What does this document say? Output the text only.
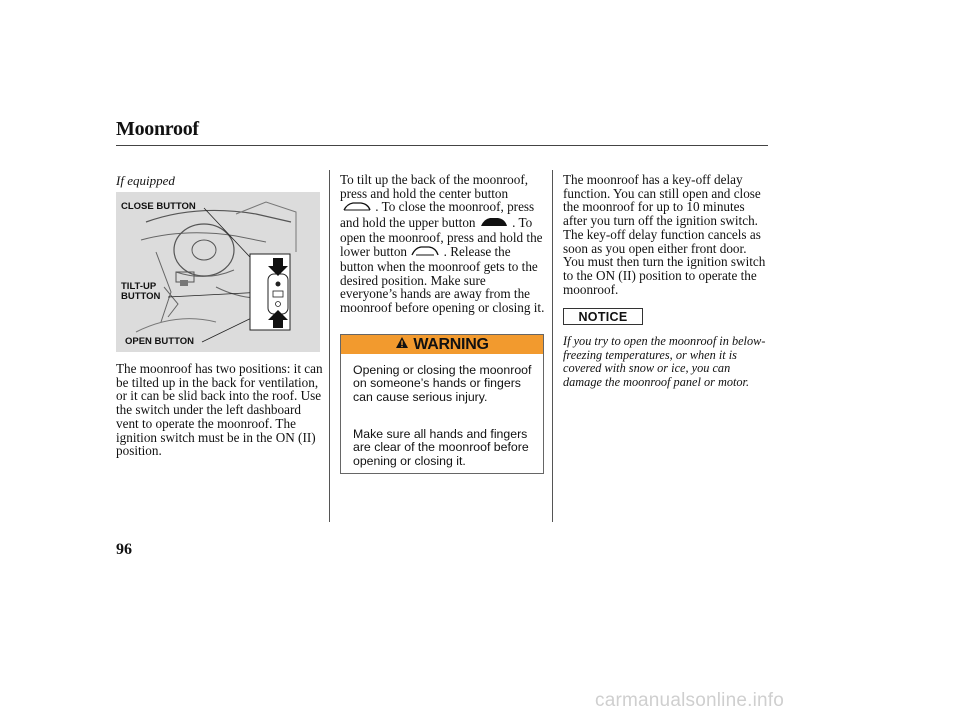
Moonroof
If equipped
CLOSE BUTTON
TILT-UP
BUTTON
OPEN BUTTON
The moonroof has two positions: it can be tilted up in the back for ventilation, or it can be slid back into the roof. Use the switch under the left dashboard vent to operate the moonroof. The ignition switch must be in the ON (II) position.
To tilt up the back of the moonroof, press and hold the center button
. To close the moonroof, press and hold the upper button	. To open the moonroof, press and hold the lower button	. Release the button when the moonroof gets to the desired position. Make sure everyone’s hands are away from the moonroof before opening or closing it.
WARNING
Opening or closing the moonroof on someone’s hands or fingers can cause serious injury.
Make sure all hands and fingers are clear of the moonroof before opening or closing it.
The moonroof has a key-off delay function. You can still open and close the moonroof for up to 10 minutes after you turn off the ignition switch. The key-off delay function cancels as soon as you open either front door. You must then turn the ignition switch to the ON (II) position to operate the moonroof.
NOTICE
If you try to open the moonroof in below-freezing temperatures, or when it is covered with snow or ice, you can damage the moonroof panel or motor.
96
carmanualsonline.info
